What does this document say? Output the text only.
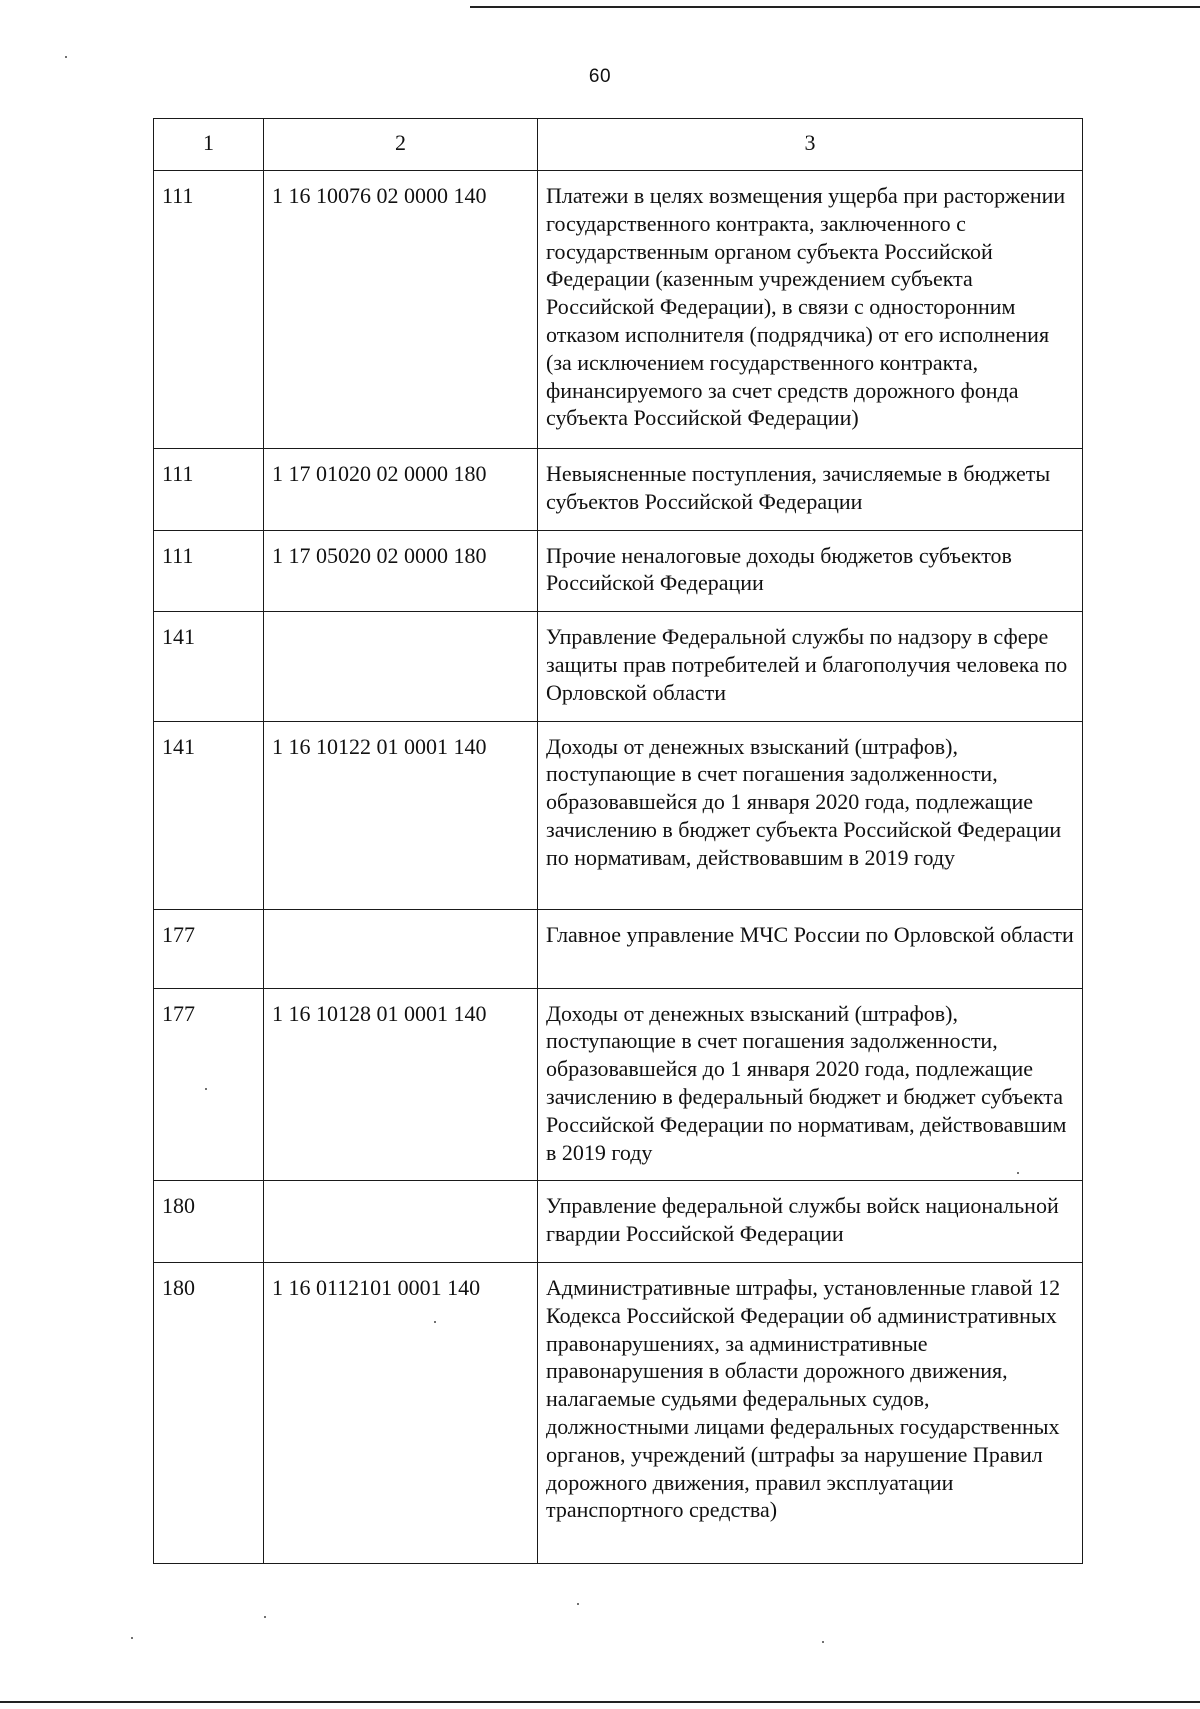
60
1	2	3
111	1 16 10076 02 0000 140	Платежи в целях возмещения ущерба при расторжении государственного контракта, заключенного с государственным органом субъекта Российской Федерации (казенным учреждением субъекта Российской Федерации), в связи с односторонним отказом исполнителя (подрядчика) от его исполнения (за исключением государственного контракта, финансируемого за счет средств дорожного фонда субъекта Российской Федерации)
111	1 17 01020 02 0000 180	Невыясненные поступления, зачисляемые в бюджеты субъектов Российской Федерации
111	1 17 05020 02 0000 180	Прочие неналоговые доходы бюджетов субъектов Российской Федерации
141		Управление Федеральной службы по надзору в сфере защиты прав потребителей и благополучия человека по Орловской области
141	1 16 10122 01 0001 140	Доходы от денежных взысканий (штрафов), поступающие в счет погашения задолженности, образовавшейся до 1 января 2020 года, подлежащие зачислению в бюджет субъекта Российской Федерации по нормативам, действовавшим в 2019 году
177		Главное управление МЧС России по Орловской области
177	1 16 10128 01 0001 140	Доходы от денежных взысканий (штрафов), поступающие в счет погашения задолженности, образовавшейся до 1 января 2020 года, подлежащие зачислению в федеральный бюджет и бюджет субъекта Российской Федерации по нормативам, действовавшим в 2019 году
180		Управление федеральной службы войск национальной гвардии Российской Федерации
180	1 16 0112101 0001 140	Административные штрафы, установленные главой 12 Кодекса Российской Федерации об административных правонарушениях, за административные правонарушения в области дорожного движения, налагаемые судьями федеральных судов, должностными лицами федеральных государственных органов, учреждений (штрафы за нарушение Правил дорожного движения, правил эксплуатации транспортного средства)
